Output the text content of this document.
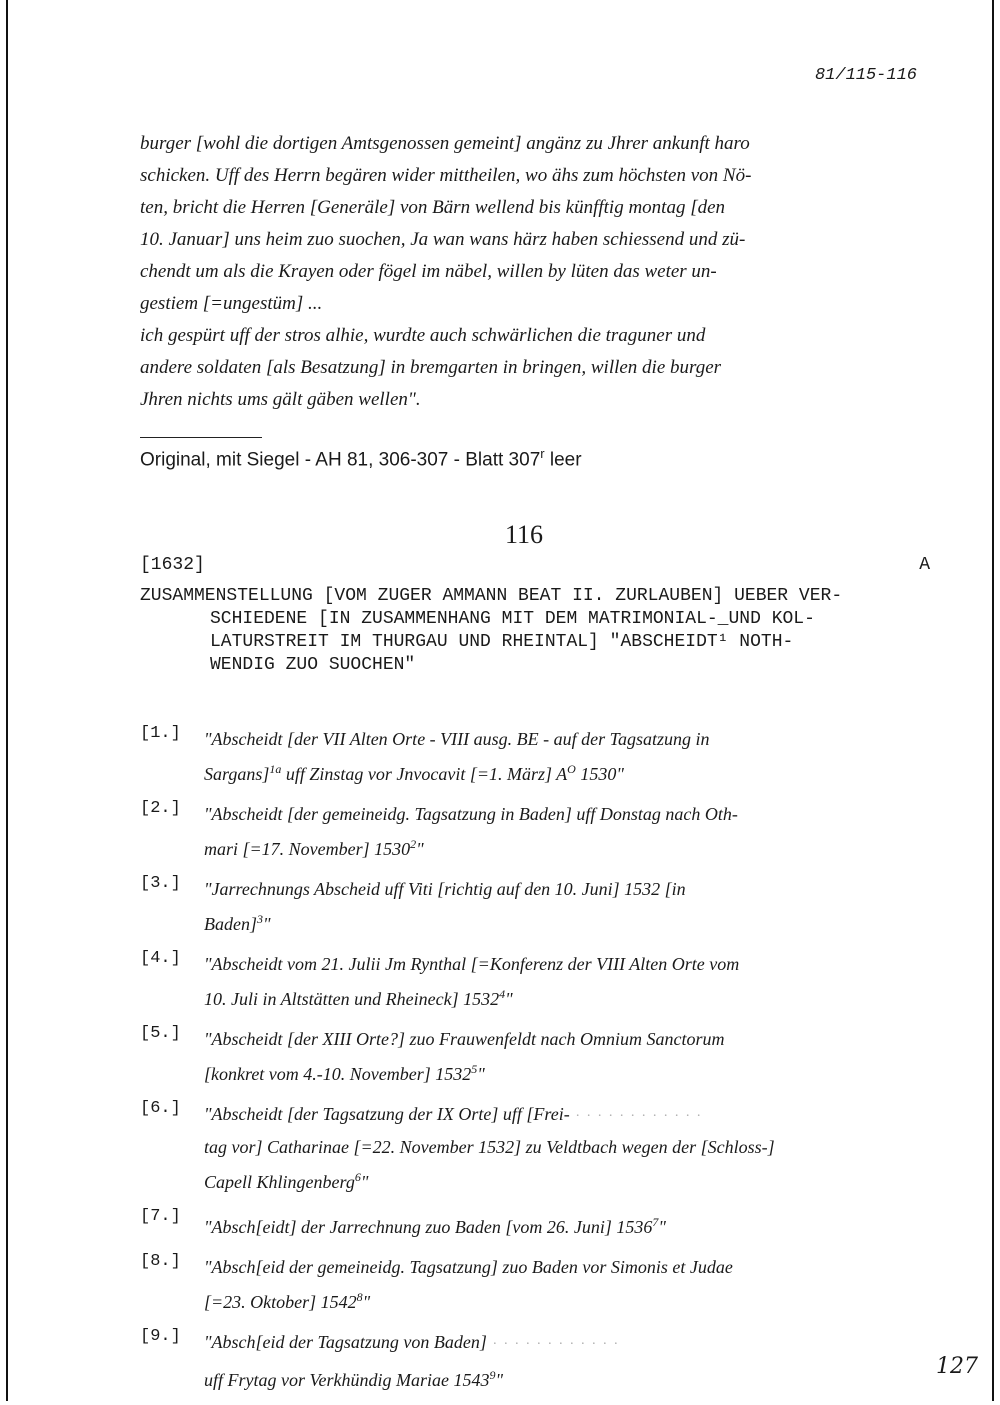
81/115-116

burger [wohl die dortigen Amtsgenossen gemeint] angänz zu Jhrer ankunft haro

schicken. Uff des Herrn begären wider mittheilen, wo ähs zum höchsten von Nö-

ten, bricht die Herren [Generäle] von Bärn wellend bis künfftig montag [den

10. Januar] uns heim zuo suochen, Ja wan wans härz haben schiessend und zü-

chendt um als die Krayen oder fögel im näbel, willen by lüten das weter un-

gestiem [=ungestüm] ...

ich gespürt uff der stros alhie, wurdte auch schwärlichen die traguner und

andere soldaten [als Besatzung] in bremgarten in bringen, willen die burger

Jhren nichts ums gält gäben wellen".

Original, mit Siegel - AH 81, 306-307 - Blatt 307$^r$ leer
116
[1632]	A
ZUSAMMENSTELLUNG [VOM ZUGER AMMANN BEAT II. ZURLAUBEN] UEBER VER-
SCHIEDENE [IN ZUSAMMENHANG MIT DEM MATRIMONIAL-_UND KOL-
LATURSTREIT IM THURGAU UND RHEINTAL] "ABSCHEIDT¹ NOTH-
WENDIG ZUO SUOCHEN"
[1.] "Abscheidt [der VII Alten Orte - VIII ausg. BE - auf der Tagsatzung in
Sargans]$^{1a}$ uff Zinstag vor Jnvocavit [=1. März] $A^O$ 1530"
[2.] "Abscheidt [der gemeineidg. Tagsatzung in Baden] uff Donstag nach Oth-
mari [=17. November] 1530$^2$"
[3.] "Jarrechnungs Abscheid uff Viti [richtig auf den 10. Juni] 1532 [in
Baden]$^3$"
[4.] "Abscheidt vom 21. Julii Jm Rynthal [=Konferenz der VIII Alten Orte vom
10. Juli in Altstätten und Rheineck] 1532$^4$"
[5.] "Abscheidt [der XIII Orte?] zuo Frauwenfeldt nach Omnium Sanctorum
[konkret vom 4.-10. November] 1532$^5$"
[6.] "Abscheidt [der Tagsatzung der IX Orte] uff [Frei- · · · · · · · · · · · ·
tag vor] Catharinae [=22. November 1532] zu Veldtbach wegen der [Schloss-]
Capell Khlingenberg$^6$"
[7.]
"Absch[eidt] der Jarrechnung zuo Baden [vom 26. Juni] 1536$^7$"
[8.] "Absch[eid der gemeineidg. Tagsatzung] zuo Baden vor Simonis et Judae
[=23. Oktober] 1542$^8$"
[9.] "Absch[eid der Tagsatzung von Baden] · · · · · · · · · · · ·
uff Frytag vor Verkhündig Mariae 1543$^9$"
127
